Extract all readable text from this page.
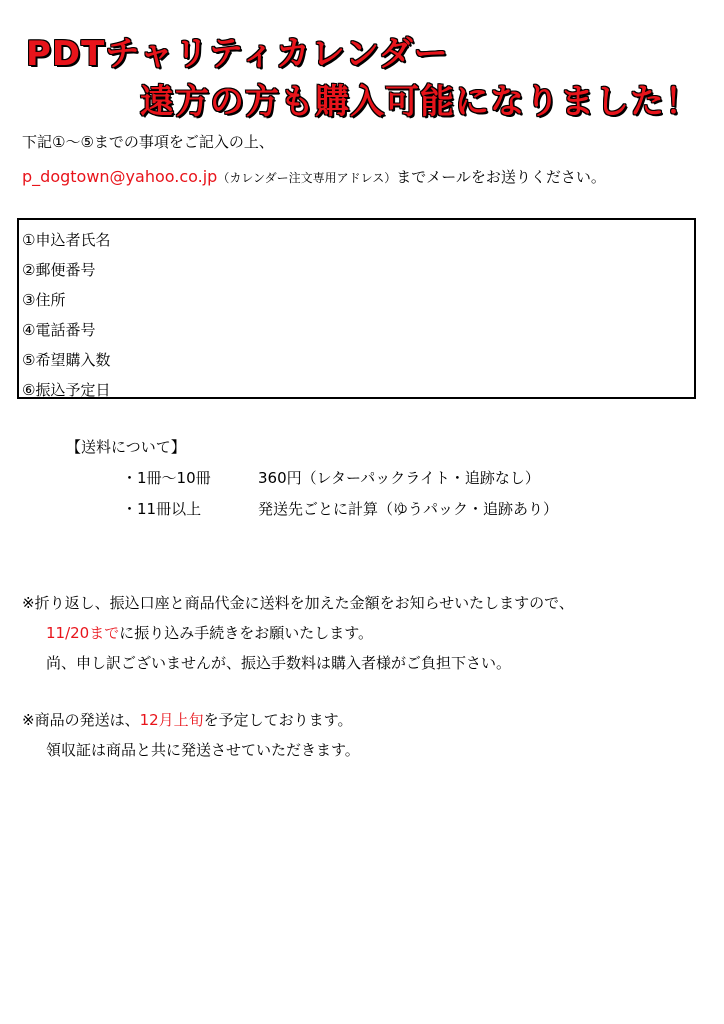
PDTチャリティカレンダー
遠方の方も購入可能になりました！
下記①～⑤までの事項をご記入の上、
p_dogtown@yahoo.co.jp（カレンダー注文専用アドレス）までメールをお送りください。
①申込者氏名
②郵便番号
③住所
④電話番号
⑤希望購入数
⑥振込予定日
【送料について】
・1冊～10冊	360円（レターパックライト・追跡なし）
・11冊以上	発送先ごとに計算（ゆうパック・追跡あり）
※折り返し、振込口座と商品代金に送料を加えた金額をお知らせいたしますので、
11/20までに振り込み手続きをお願いたします。
尚、申し訳ございませんが、振込手数料は購入者様がご負担下さい。
※商品の発送は、12月上旬を予定しております。
領収証は商品と共に発送させていただきます。
